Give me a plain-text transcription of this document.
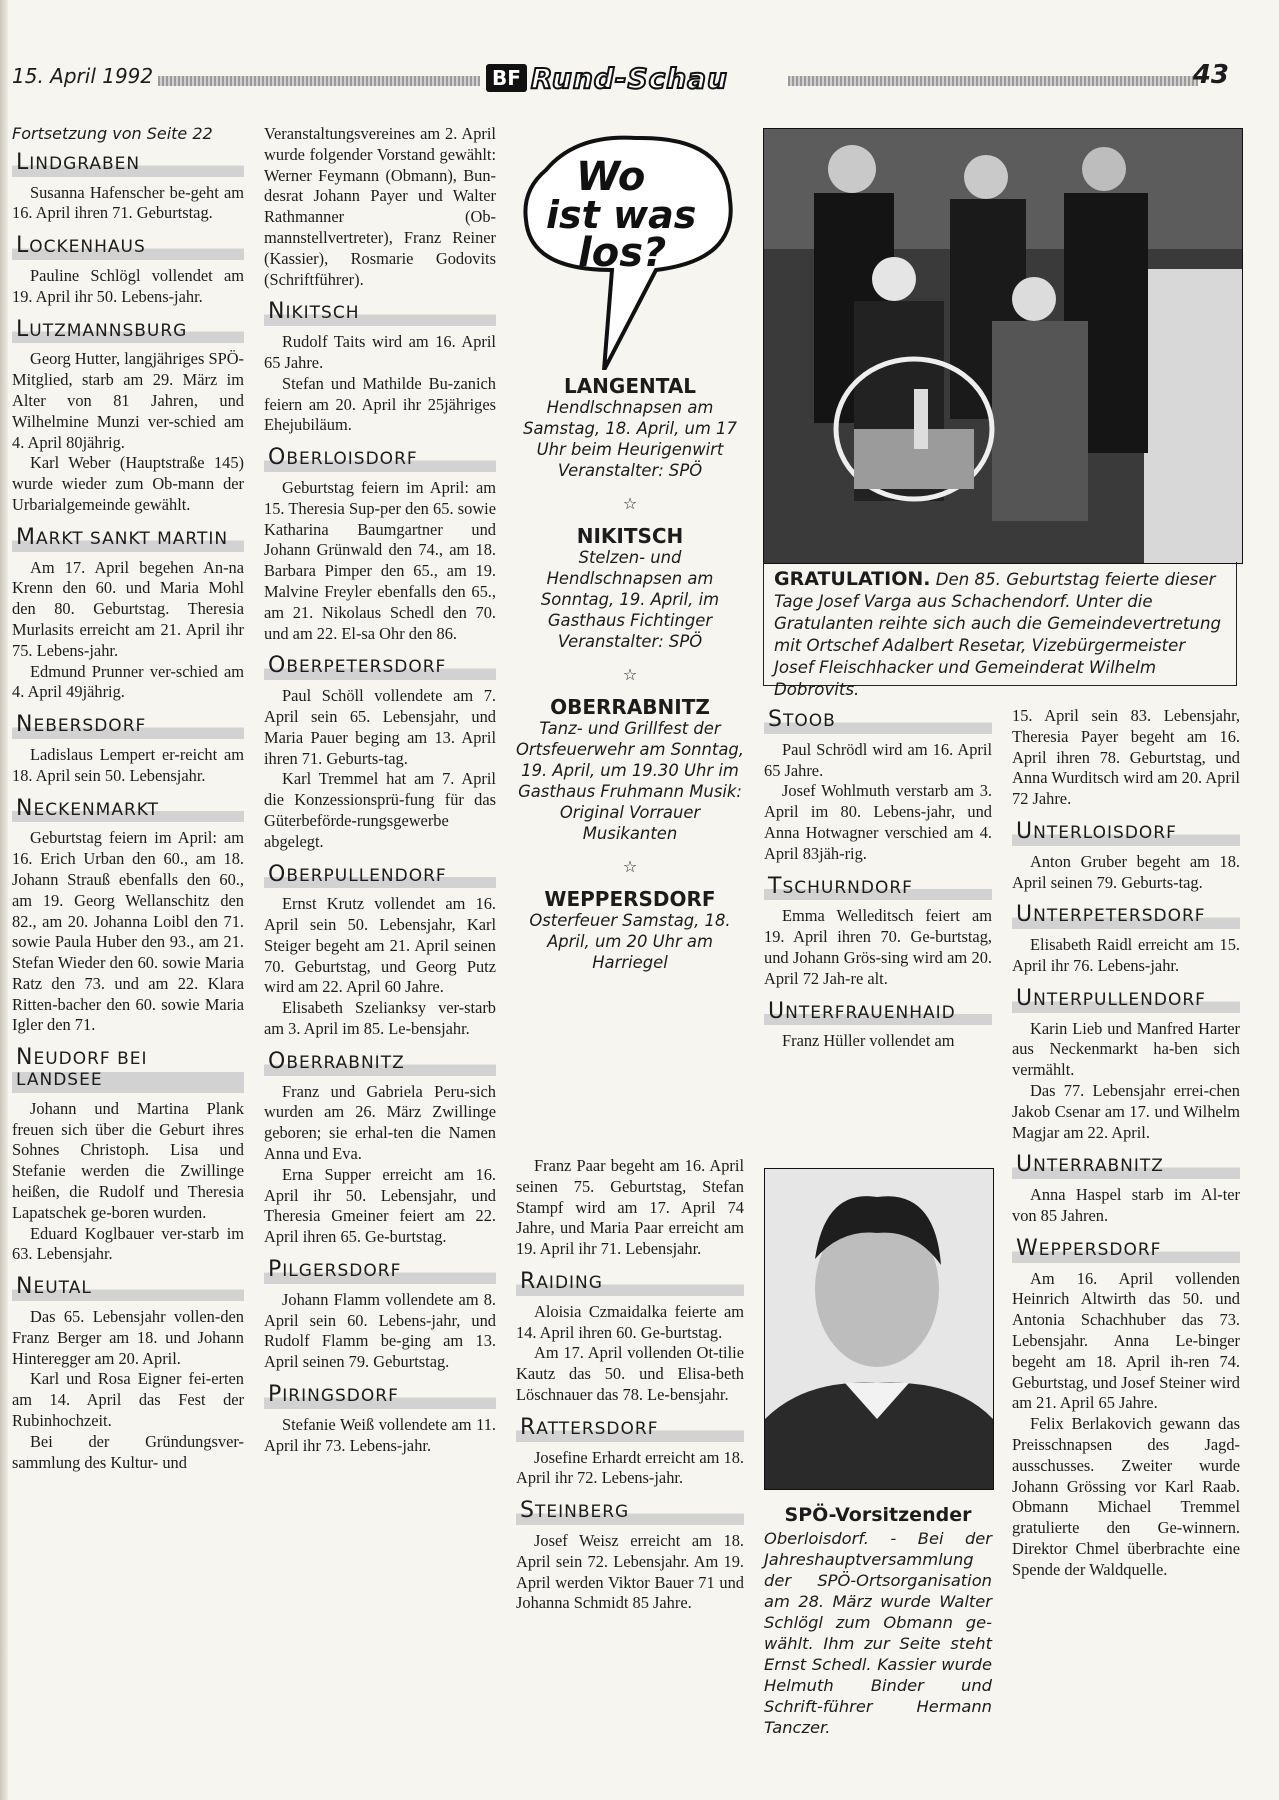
15. April 1992	BF Rund-Schau	43
Fortsetzung von Seite 22
LINDGRABEN

Susanna Hafenscher be-geht am 16. April ihren 71. Geburtstag.

LOCKENHAUS

Pauline Schlögl vollendet am 19. April ihr 50. Lebens-jahr.

LUTZMANNSBURG

Georg Hutter, langjähriges SPÖ-Mitglied, starb am 29. März im Alter von 81 Jahren, und Wilhelmine Munzi ver-schied am 4. April 80jährig.

Karl Weber (Hauptstraße 145) wurde wieder zum Ob-mann der Urbarialgemeinde gewählt.

MARKT SANKT MARTIN

Am 17. April begehen An-na Krenn den 60. und Maria Mohl den 80. Geburtstag. Theresia Murlasits erreicht am 21. April ihr 75. Lebens-jahr.

Edmund Prunner ver-schied am 4. April 49jährig.

NEBERSDORF

Ladislaus Lempert er-reicht am 18. April sein 50. Lebensjahr.

NECKENMARKT

Geburtstag feiern im April: am 16. Erich Urban den 60., am 18. Johann Strauß ebenfalls den 60., am 19. Georg Wellanschitz den 82., am 20. Johanna Loibl den 71. sowie Paula Huber den 93., am 21. Stefan Wieder den 60. sowie Maria Ratz den 73. und am 22. Klara Ritten-bacher den 60. sowie Maria Igler den 71.

NEUDORF BEI LANDSEE

Johann und Martina Plank freuen sich über die Geburt ihres Sohnes Christoph. Lisa und Stefanie werden die Zwillinge heißen, die Rudolf und Theresia Lapatschek ge-boren wurden.

Eduard Koglbauer ver-starb im 63. Lebensjahr.

NEUTAL

Das 65. Lebensjahr vollen-den Franz Berger am 18. und Johann Hinteregger am 20. April.

Karl und Rosa Eigner fei-erten am 14. April das Fest der Rubinhochzeit.

Bei der Gründungsver-sammlung des Kultur- und

Veranstaltungsvereines am 2. April wurde folgender Vorstand gewählt: Werner Feymann (Obmann), Bun-desrat Johann Payer und Walter Rathmanner (Ob-mannstellvertreter), Franz Reiner (Kassier), Rosmarie Godovits (Schriftführer).

NIKITSCH

Rudolf Taits wird am 16. April 65 Jahre.

Stefan und Mathilde Bu-zanich feiern am 20. April ihr 25jähriges Ehejubiläum.

OBERLOISDORF

Geburtstag feiern im April: am 15. Theresia Sup-per den 65. sowie Katharina Baumgartner und Johann Grünwald den 74., am 18. Barbara Pimper den 65., am 19. Malvine Freyler ebenfalls den 65., am 21. Nikolaus Schedl den 70. und am 22. El-sa Ohr den 86.

OBERPETERSDORF

Paul Schöll vollendete am 7. April sein 65. Lebensjahr, und Maria Pauer beging am 13. April ihren 71. Geburts-tag.

Karl Tremmel hat am 7. April die Konzessionsprü-fung für das Güterbeförde-rungsgewerbe abgelegt.

OBERPULLENDORF

Ernst Krutz vollendet am 16. April sein 50. Lebensjahr, Karl Steiger begeht am 21. April seinen 70. Geburtstag, und Georg Putz wird am 22. April 60 Jahre.

Elisabeth Szelianksy ver-starb am 3. April im 85. Le-bensjahr.

OBERRABNITZ

Franz und Gabriela Peru-sich wurden am 26. März Zwillinge geboren; sie erhal-ten die Namen Anna und Eva.

Erna Supper erreicht am 16. April ihr 50. Lebensjahr, und Theresia Gmeiner feiert am 22. April ihren 65. Ge-burtstag.

PILGERSDORF

Johann Flamm vollendete am 8. April sein 60. Lebens-jahr, und Rudolf Flamm be-ging am 13. April seinen 79. Geburtstag.

PIRINGSDORF

Stefanie Weiß vollendete am 11. April ihr 73. Lebens-jahr.

Wo
ist was
los?
LANGENTAL
Hendlschnapsen am Samstag, 18. April, um 17 Uhr beim Heurigenwirt Veranstalter: SPÖ
☆
NIKITSCH
Stelzen- und Hendlschnapsen am Sonntag, 19. April, im Gasthaus Fichtinger Veranstalter: SPÖ
☆
OBERRABNITZ
Tanz- und Grillfest der Ortsfeuerwehr am Sonntag, 19. April, um 19.30 Uhr im Gasthaus Fruhmann Musik: Original Vorrauer Musikanten
☆
WEPPERSDORF
Osterfeuer Samstag, 18. April, um 20 Uhr am Harriegel

Franz Paar begeht am 16. April seinen 75. Geburtstag, Stefan Stampf wird am 17. April 74 Jahre, und Maria Paar erreicht am 19. April ihr 71. Lebensjahr.

RAIDING

Aloisia Czmaidalka feierte am 14. April ihren 60. Ge-burtstag.

Am 17. April vollenden Ot-tilie Kautz das 50. und Elisa-beth Löschnauer das 78. Le-bensjahr.

RATTERSDORF

Josefine Erhardt erreicht am 18. April ihr 72. Lebens-jahr.

STEINBERG

Josef Weisz erreicht am 18. April sein 72. Lebensjahr. Am 19. April werden Viktor Bauer 71 und Johanna Schmidt 85 Jahre.

GRATULATION. Den 85. Geburtstag feierte dieser Tage Josef Varga aus Schachendorf. Unter die Gratulanten reihte sich auch die Gemeindevertretung mit Ortschef Adalbert Resetar, Vizebürgermeister Josef Fleischhacker und Gemeinderat Wilhelm Dobrovits.
STOOB

Paul Schrödl wird am 16. April 65 Jahre.

Josef Wohlmuth verstarb am 3. April im 80. Lebens-jahr, und Anna Hotwagner verschied am 4. April 83jäh-rig.

TSCHURNDORF

Emma Welleditsch feiert am 19. April ihren 70. Ge-burtstag, und Johann Grös-sing wird am 20. April 72 Jah-re alt.

UNTERFRAUENHAID

Franz Hüller vollendet am

SPÖ-Vorsitzender
Oberloisdorf. - Bei der Jahreshauptversammlung der SPÖ-Ortsorganisation am 28. März wurde Walter Schlögl zum Obmann ge-wählt. Ihm zur Seite steht Ernst Schedl. Kassier wurde Helmuth Binder und Schrift-führer Hermann Tanczer.

15. April sein 83. Lebensjahr, Theresia Payer begeht am 16. April ihren 78. Geburtstag, und Anna Wurditsch wird am 20. April 72 Jahre.

UNTERLOISDORF

Anton Gruber begeht am 18. April seinen 79. Geburts-tag.

UNTERPETERSDORF

Elisabeth Raidl erreicht am 15. April ihr 76. Lebens-jahr.

UNTERPULLENDORF

Karin Lieb und Manfred Harter aus Neckenmarkt ha-ben sich vermählt.

Das 77. Lebensjahr errei-chen Jakob Csenar am 17. und Wilhelm Magjar am 22. April.

UNTERRABNITZ

Anna Haspel starb im Al-ter von 85 Jahren.

WEPPERSDORF

Am 16. April vollenden Heinrich Altwirth das 50. und Antonia Schachhuber das 73. Lebensjahr. Anna Le-binger begeht am 18. April ih-ren 74. Geburtstag, und Josef Steiner wird am 21. April 65 Jahre.

Felix Berlakovich gewann das Preisschnapsen des Jagd-ausschusses. Zweiter wurde Johann Grössing vor Karl Raab. Obmann Michael Tremmel gratulierte den Ge-winnern. Direktor Chmel überbrachte eine Spende der Waldquelle.
